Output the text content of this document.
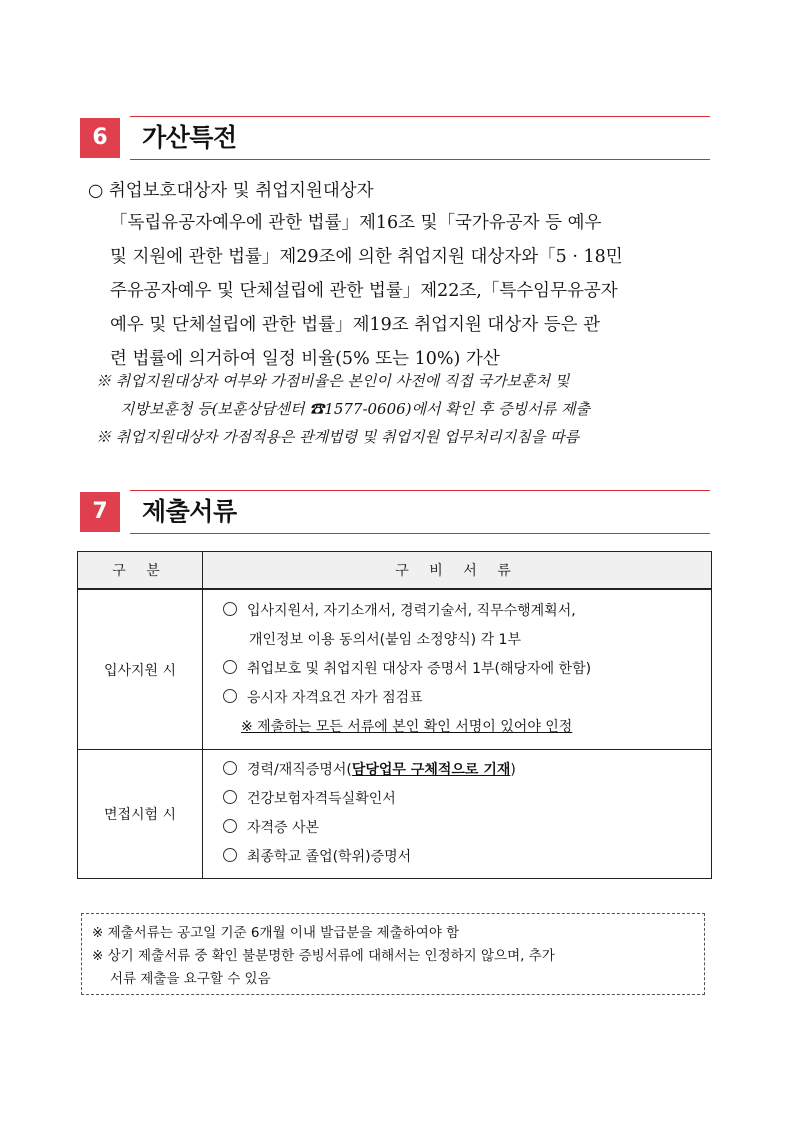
6	가산특전
○ 취업보호대상자 및 취업지원대상자
「독립유공자예우에 관한 법률」제16조 및「국가유공자 등 예우
및 지원에 관한 법률」제29조에 의한 취업지원 대상자와「5 · 18민
주유공자예우 및 단체설립에 관한 법률」제22조,「특수임무유공자
예우 및 단체설립에 관한 법률」제19조 취업지원 대상자 등은 관
련 법률에 의거하여 일정 비율(5% 또는 10%) 가산
※ 취업지원대상자 여부와 가점비율은 본인이 사전에 직접 국가보훈처 및
지방보훈청 등(보훈상담센터 ☎1577-0606)에서 확인 후 증빙서류 제출
※ 취업지원대상자 가점적용은 관계법령 및 취업지원 업무처리지침을 따름
7	제출서류
구 분	구 비 서 류
입사지원 시	입사지원서, 자기소개서, 경력기술서, 직무수행계획서,
개인정보 이용 동의서(붙임 소정양식) 각 1부
취업보호 및 취업지원 대상자 증명서 1부(해당자에 한함)
응시자 자격요건 자가 점검표
※ 제출하는 모든 서류에 본인 확인 서명이 있어야 인정

면접시험 시	경력/재직증명서(담당업무 구체적으로 기재)
건강보험자격득실확인서
자격증 사본
최종학교 졸업(학위)증명서
※ 제출서류는 공고일 기준 6개월 이내 발급분을 제출하여야 함
※ 상기 제출서류 중 확인 불분명한 증빙서류에 대해서는 인정하지 않으며, 추가
서류 제출을 요구할 수 있음
